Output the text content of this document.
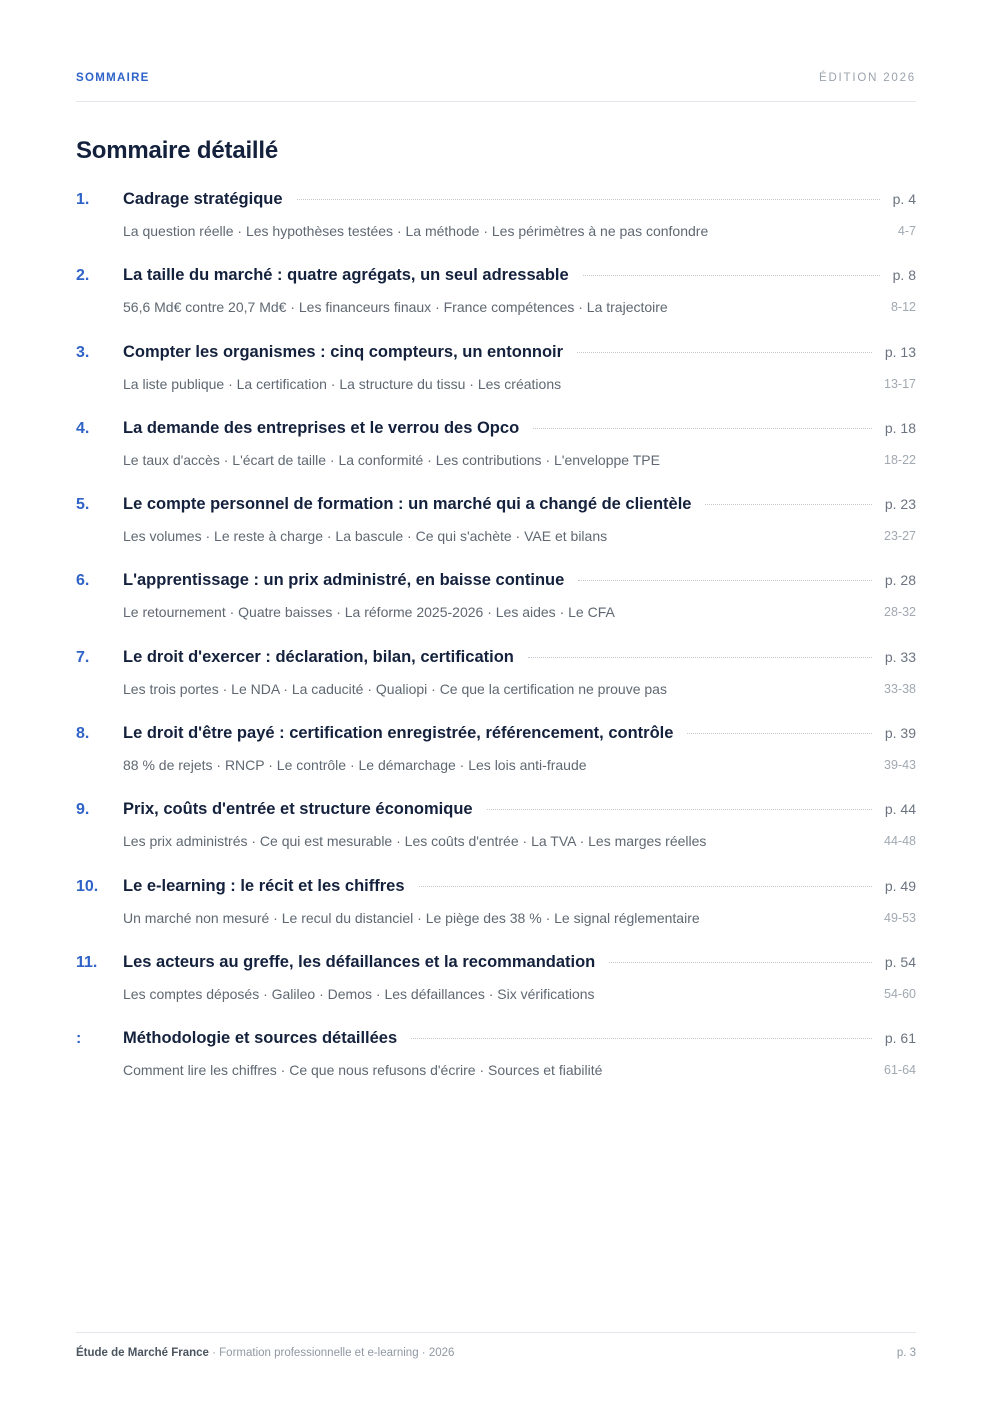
SOMMAIRE	ÉDITION 2026
Sommaire détaillé
1. Cadrage stratégique	p. 4
La question réelle · Les hypothèses testées · La méthode · Les périmètres à ne pas confondre	4-7
2. La taille du marché : quatre agrégats, un seul adressable	p. 8
56,6 Md€ contre 20,7 Md€ · Les financeurs finaux · France compétences · La trajectoire	8-12
3. Compter les organismes : cinq compteurs, un entonnoir	p. 13
La liste publique · La certification · La structure du tissu · Les créations	13-17
4. La demande des entreprises et le verrou des Opco	p. 18
Le taux d'accès · L'écart de taille · La conformité · Les contributions · L'enveloppe TPE	18-22
5. Le compte personnel de formation : un marché qui a changé de clientèle	p. 23
Les volumes · Le reste à charge · La bascule · Ce qui s'achète · VAE et bilans	23-27
6. L'apprentissage : un prix administré, en baisse continue	p. 28
Le retournement · Quatre baisses · La réforme 2025-2026 · Les aides · Le CFA	28-32
7. Le droit d'exercer : déclaration, bilan, certification	p. 33
Les trois portes · Le NDA · La caducité · Qualiopi · Ce que la certification ne prouve pas	33-38
8. Le droit d'être payé : certification enregistrée, référencement, contrôle	p. 39
88 % de rejets · RNCP · Le contrôle · Le démarchage · Les lois anti-fraude	39-43
9. Prix, coûts d'entrée et structure économique	p. 44
Les prix administrés · Ce qui est mesurable · Les coûts d'entrée · La TVA · Les marges réelles	44-48
10. Le e-learning : le récit et les chiffres	p. 49
Un marché non mesuré · Le recul du distanciel · Le piège des 38 % · Le signal réglementaire	49-53
11. Les acteurs au greffe, les défaillances et la recommandation	p. 54
Les comptes déposés · Galileo · Demos · Les défaillances · Six vérifications	54-60
:	Méthodologie et sources détaillées	p. 61
Comment lire les chiffres · Ce que nous refusons d'écrire · Sources et fiabilité	61-64
Étude de Marché France · Formation professionnelle et e-learning · 2026	p. 3
